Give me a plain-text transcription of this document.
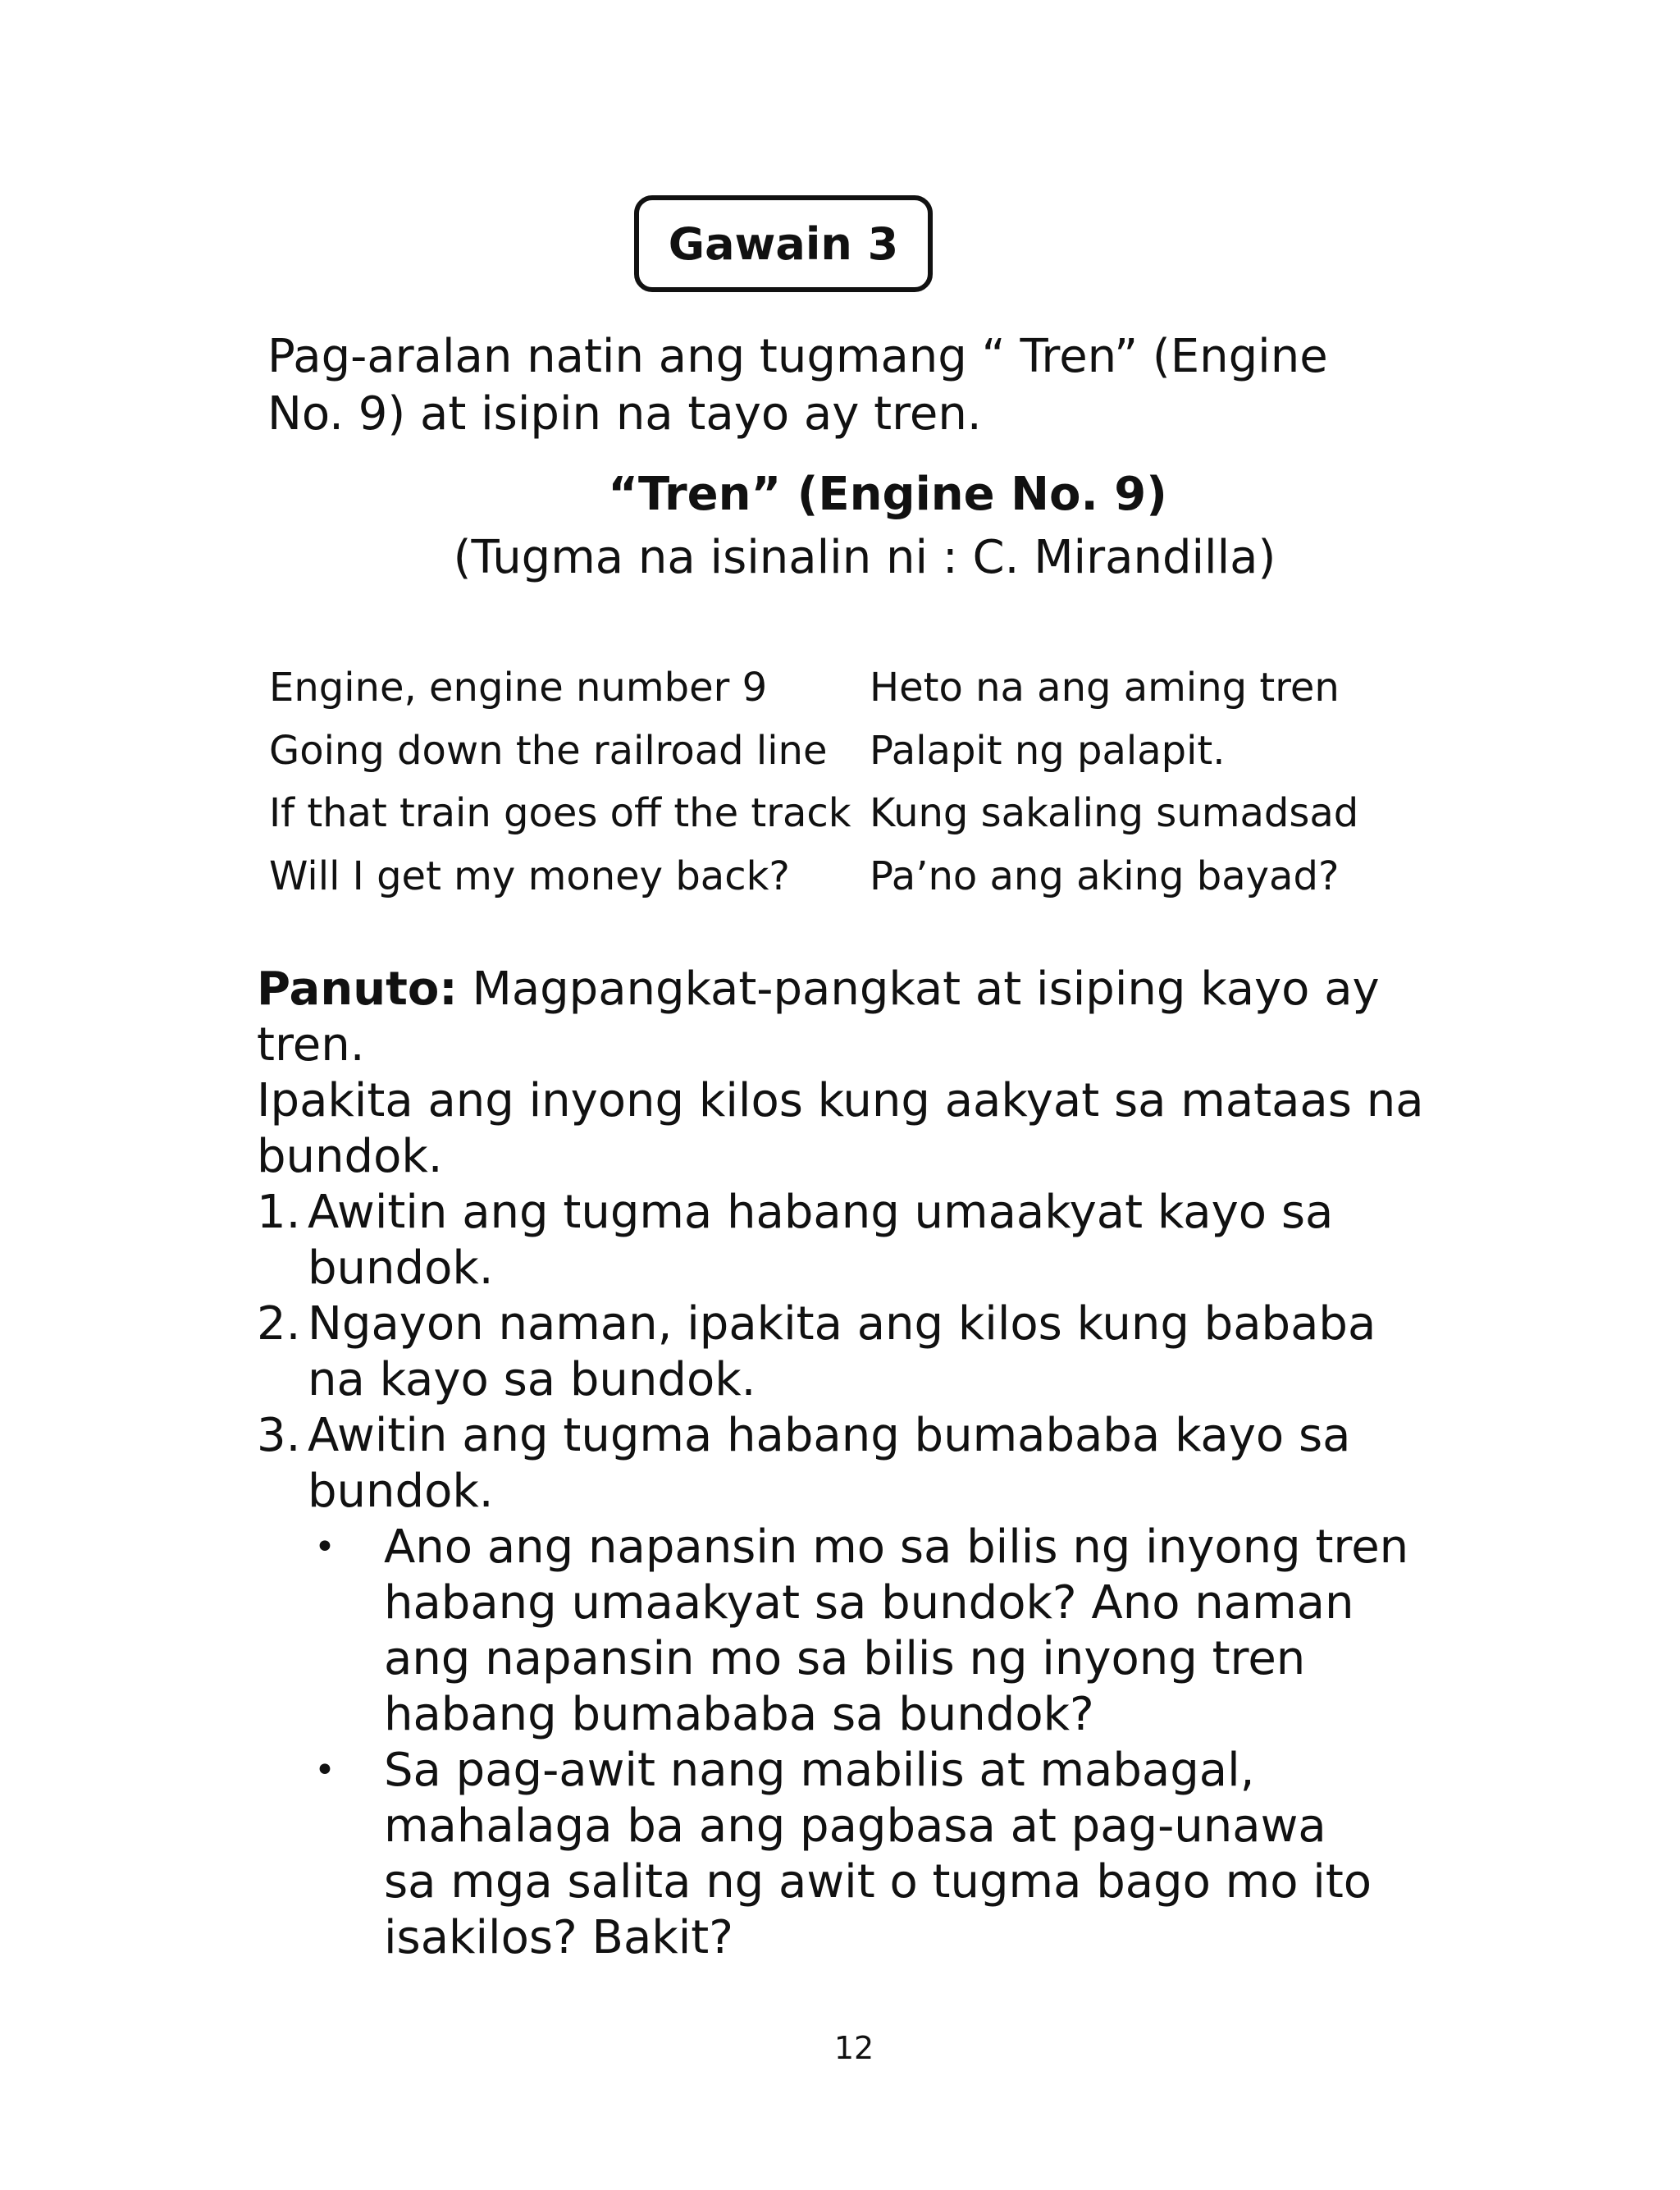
Gawain 3
Pag-aralan natin ang tugmang “ Tren” (Engine
No. 9) at isipin na tayo ay tren.
“Tren” (Engine No. 9)
(Tugma na isinalin ni : C. Mirandilla)
Engine, engine number 9
Going down the railroad line
If that train goes off the track
Will I get my money back?
Heto na ang aming tren
Palapit ng palapit.
Kung sakaling sumadsad
Pa’no ang aking bayad?
Panuto: Magpangkat-pangkat at isiping kayo ay
tren.
Ipakita ang inyong kilos kung aakyat sa mataas na
bundok.
1. Awitin ang tugma habang umaakyat kayo sa
bundok.
2. Ngayon naman, ipakita ang kilos kung bababa
na kayo sa bundok.
3. Awitin ang tugma habang bumababa kayo sa
bundok.
•	Ano ang napansin mo sa bilis ng inyong tren
habang umaakyat sa bundok? Ano naman
ang napansin mo sa bilis ng inyong tren
habang bumababa sa bundok?
•	Sa pag-awit nang mabilis at mabagal,
mahalaga ba ang pagbasa at pag-unawa
sa mga salita ng awit o tugma bago mo ito
isakilos? Bakit?
12
